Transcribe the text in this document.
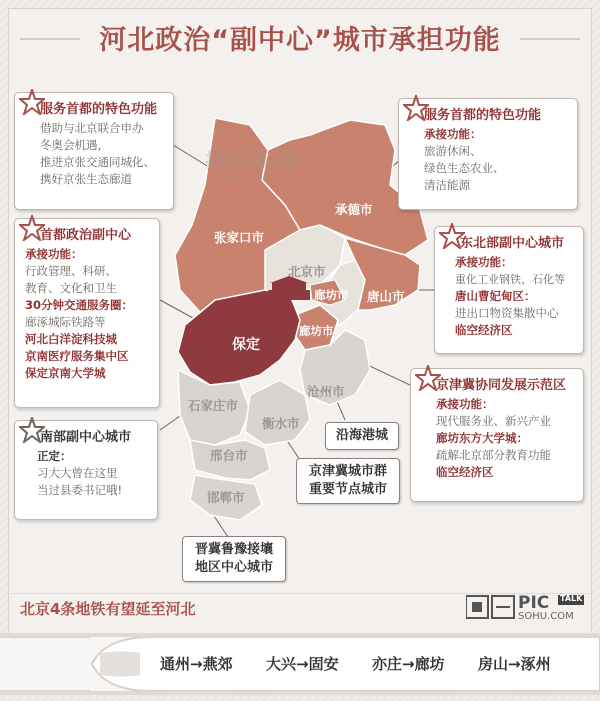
河北政治“副中心”城市承担功能
搜狐新闻
news.sohu.com
张家口市
承德市
北京市
廊坊市 唐山市
廊坊市
保定
沧州市
石家庄市
衡水市
邢台市
邯郸市
服务首都的特色功能
借助与北京联合申办
冬奥会机遇，
推进京张交通同城化、
携好京张生态廊道
服务首都的特色功能
承接功能：
旅游休闲、
绿色生态农业、
清洁能源
首都政治副中心
承接功能：
行政管理、科研、
教育、文化和卫生
30分钟交通服务圈：
廊涿城际铁路等
河北白洋淀科技城
京南医疗服务集中区
保定京南大学城
东北部副中心城市
承接功能：
重化工业钢铁、石化等
唐山曹妃甸区：
进出口物资集散中心
临空经济区
京津冀协同发展示范区
承接功能：
现代服务业、新兴产业
廊坊东方大学城：
疏解北京部分教育功能
临空经济区
南部副中心城市
正定：
习大大曾在这里
当过县委书记哦!
沿海港城
京津冀城市群
重要节点城市
晋冀鲁豫接壤
地区中心城市
北京4条地铁有望延至河北	PIC TALK
SOHU.COM
通州→燕郊 大兴→固安 亦庄→廊坊 房山→涿州
